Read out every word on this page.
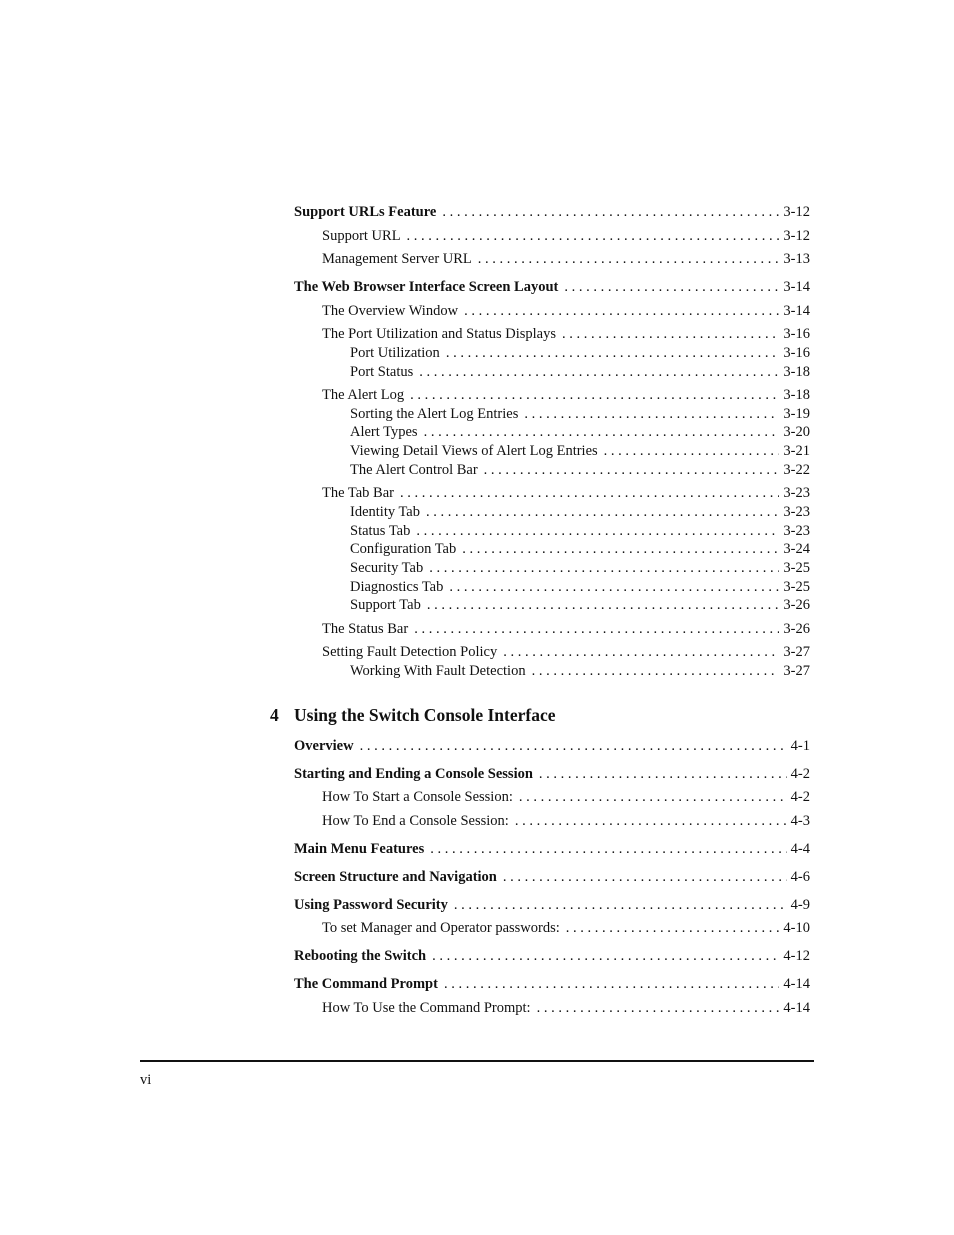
Support URLs Feature . . .	3-12
Support URL . . .	3-12
Management Server URL . . .	3-13
The Web Browser Interface Screen Layout . . .	3-14
The Overview Window . . .	3-14
The Port Utilization and Status Displays . . .	3-16
Port Utilization . . .	3-16
Port Status . . .	3-18
The Alert Log . . .	3-18
Sorting the Alert Log Entries . . .	3-19
Alert Types . . .	3-20
Viewing Detail Views of Alert Log Entries . . .	3-21
The Alert Control Bar . . .	3-22
The Tab Bar . . .	3-23
Identity Tab . . .	3-23
Status Tab . . .	3-23
Configuration Tab . . .	3-24
Security Tab . . .	3-25
Diagnostics Tab . . .	3-25
Support Tab . . .	3-26
The Status Bar . . .	3-26
Setting Fault Detection Policy . . .	3-27
Working With Fault Detection . . .	3-27
4 Using the Switch Console Interface
Overview . . .	4-1
Starting and Ending a Console Session . . .	4-2
How To Start a Console Session: . . .	4-2
How To End a Console Session: . . .	4-3
Main Menu Features . . .	4-4
Screen Structure and Navigation . . .	4-6
Using Password Security . . .	4-9
To set Manager and Operator passwords: . . .	4-10
Rebooting the Switch . . .	4-12
The Command Prompt . . .	4-14
How To Use the Command Prompt: . . .	4-14
vi
